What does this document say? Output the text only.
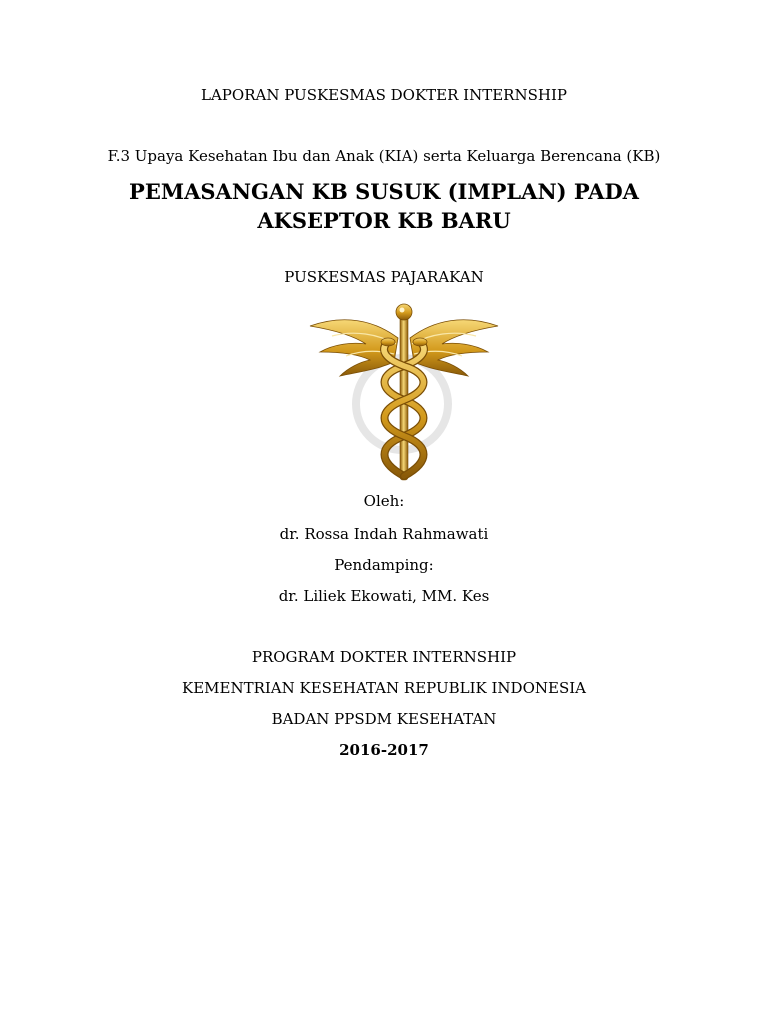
LAPORAN PUSKESMAS DOKTER INTERNSHIP
F.3 Upaya Kesehatan Ibu dan Anak (KIA) serta Keluarga Berencana (KB)
PEMASANGAN KB SUSUK (IMPLAN) PADA
AKSEPTOR KB BARU
PUSKESMAS PAJARAKAN
Oleh:
dr. Rossa Indah Rahmawati
Pendamping:
dr. Liliek Ekowati, MM. Kes
PROGRAM DOKTER INTERNSHIP
KEMENTRIAN KESEHATAN REPUBLIK INDONESIA
BADAN PPSDM KESEHATAN
2016-2017
